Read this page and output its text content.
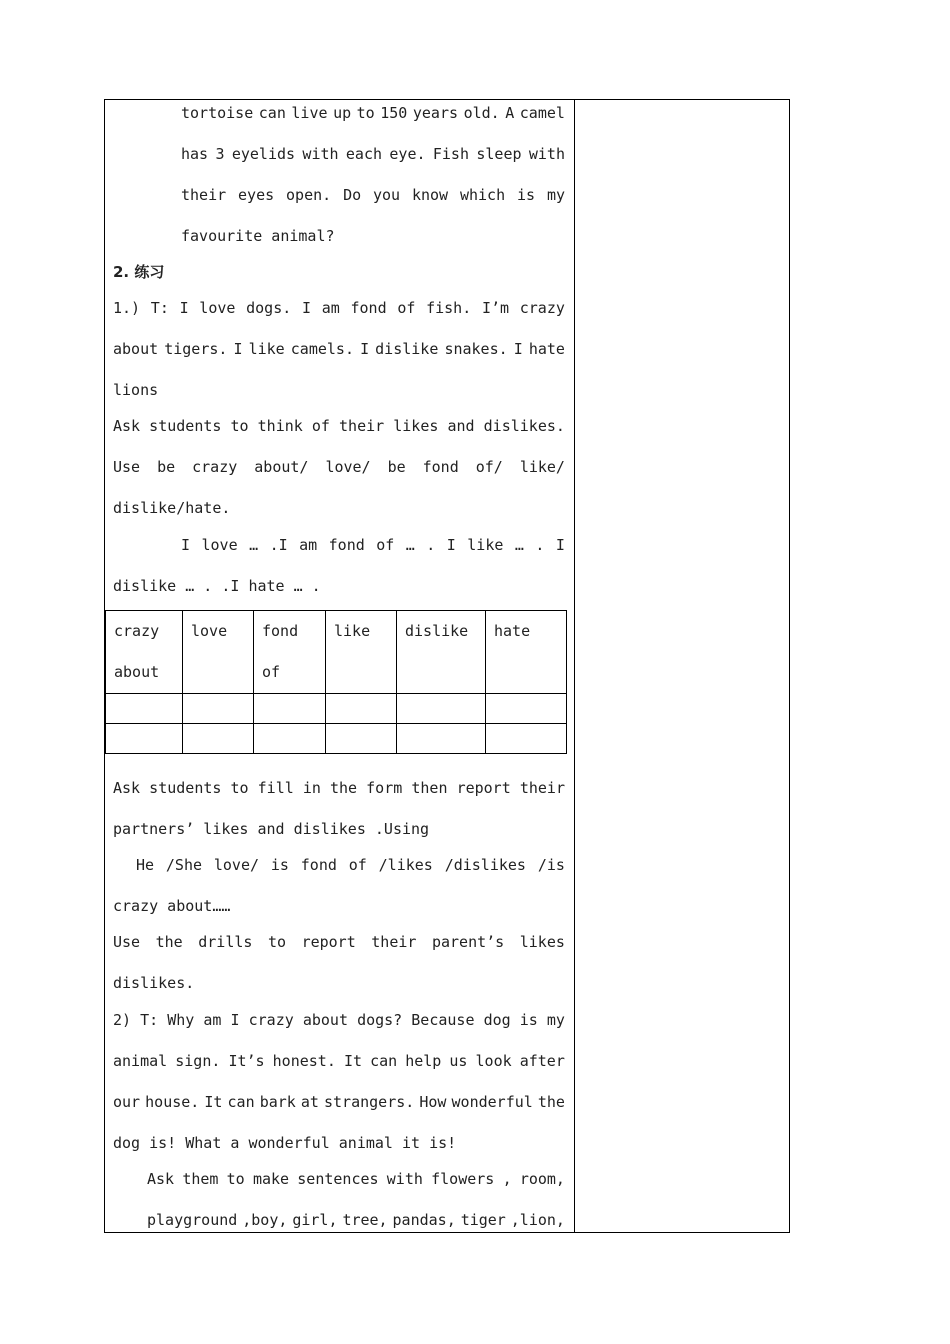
tortoise can live up to 150 years old. A camel
has 3 eyelids with each eye. Fish sleep with
their eyes open. Do you know which is my
favourite animal?
2. 练习
1.) T: I love dogs. I am fond of fish. I’m crazy
about tigers. I like camels. I dislike snakes. I hate
lions
Ask students to think of their likes and dislikes.
Use be crazy about/ love/ be fond of/ like/
dislike/hate.
I love … .I am fond of … . I like … . I
dislike … . .I hate … .
crazy about	love	fond of	like	dislike	hate

Ask students to fill in the form then report their
partners’ likes and dislikes .Using
He /She love/ is fond of /likes /dislikes /is
crazy about……
Use the drills to report their parent’s likes
dislikes.
2) T: Why am I crazy about dogs? Because dog is my
animal sign. It’s honest. It can help us look after
our house. It can bark at strangers. How wonderful the
dog is! What a wonderful animal it is!
Ask them to make sentences with flowers , room,
playground ,boy, girl, tree, pandas, tiger ,lion,
